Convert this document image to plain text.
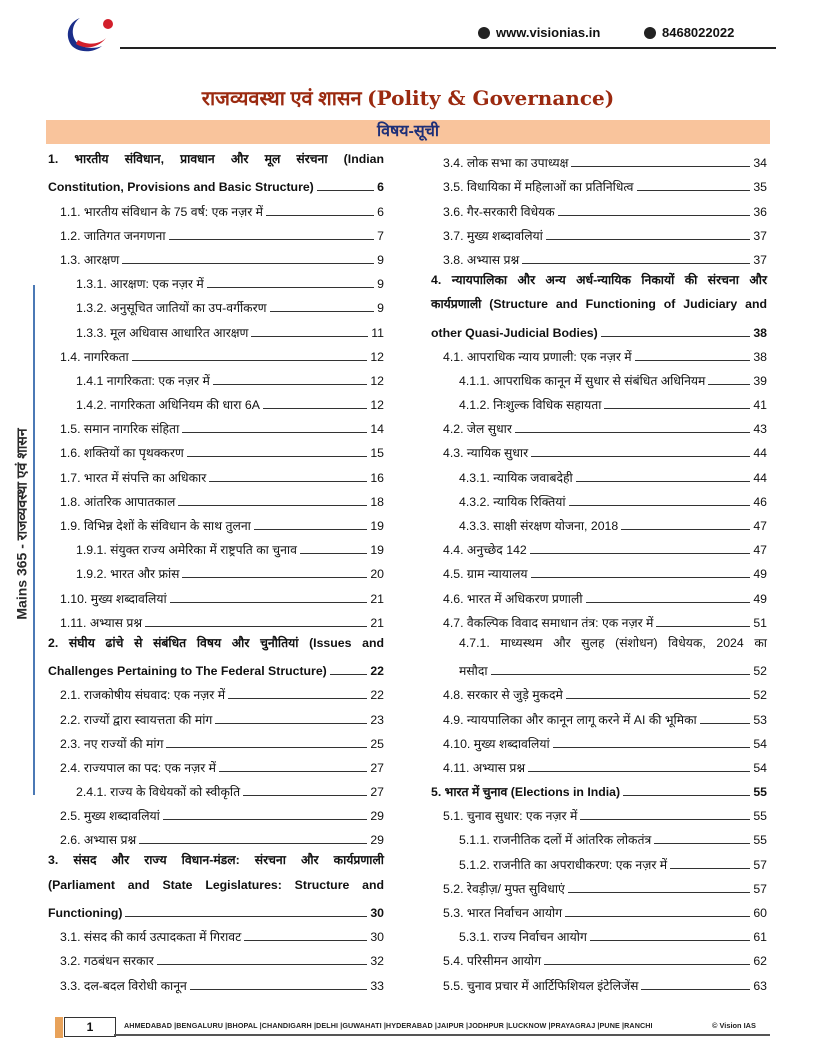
www.visionias.in	8468022022
राजव्यवस्था एवं शासन (Polity & Governance)
विषय-सूची
Mains 365 - राजव्यवस्था एवं शासन
1. भारतीय संविधान, प्रावधान और मूल संरचना (Indian
Constitution, Provisions and Basic Structure)	6
1.1. भारतीय संविधान के 75 वर्ष: एक नज़र में	6
1.2. जातिगत जनगणना	7
1.3. आरक्षण	9
1.3.1. आरक्षण: एक नज़र में	9
1.3.2. अनुसूचित जातियों का उप-वर्गीकरण	9
1.3.3. मूल अधिवास आधारित आरक्षण	11
1.4. नागरिकता	12
1.4.1 नागरिकता: एक नज़र में	12
1.4.2. नागरिकता अधिनियम की धारा 6A	12
1.5. समान नागरिक संहिता	14
1.6. शक्तियों का पृथक्करण	15
1.7. भारत में संपत्ति का अधिकार	16
1.8. आंतरिक आपातकाल	18
1.9. विभिन्न देशों के संविधान के साथ तुलना	19
1.9.1. संयुक्त राज्य अमेरिका में राष्ट्रपति का चुनाव	19
1.9.2. भारत और फ्रांस	20
1.10. मुख्य शब्दावलियां	21
1.11. अभ्यास प्रश्न	21
2. संघीय ढांचे से संबंधित विषय और चुनौतियां (Issues and
Challenges Pertaining to The Federal Structure)	22
2.1. राजकोषीय संघवाद: एक नज़र में	22
2.2. राज्यों द्वारा स्वायत्तता की मांग	23
2.3. नए राज्यों की मांग	25
2.4. राज्यपाल का पद: एक नज़र में	27
2.4.1. राज्य के विधेयकों को स्वीकृति	27
2.5. मुख्य शब्दावलियां	29
2.6. अभ्यास प्रश्न	29
3. संसद और राज्य विधान-मंडल: संरचना और कार्यप्रणाली
(Parliament and State Legislatures: Structure and
Functioning)	30
3.1. संसद की कार्य उत्पादकता में गिरावट	30
3.2. गठबंधन सरकार	32
3.3. दल-बदल विरोधी कानून	33
3.4. लोक सभा का उपाध्यक्ष	34
3.5. विधायिका में महिलाओं का प्रतिनिधित्व	35
3.6. गैर-सरकारी विधेयक	36
3.7. मुख्य शब्दावलियां	37
3.8. अभ्यास प्रश्न	37
4. न्यायपालिका और अन्य अर्ध-न्यायिक निकायों की संरचना और
कार्यप्रणाली (Structure and Functioning of Judiciary and
other Quasi-Judicial Bodies)	38
4.1. आपराधिक न्याय प्रणाली: एक नज़र में	38
4.1.1. आपराधिक कानून में सुधार से संबंधित अधिनियम	39
4.1.2. निःशुल्क विधिक सहायता	41
4.2. जेल सुधार	43
4.3. न्यायिक सुधार	44
4.3.1. न्यायिक जवाबदेही	44
4.3.2. न्यायिक रिक्तियां	46
4.3.3. साक्षी संरक्षण योजना, 2018	47
4.4. अनुच्छेद 142	47
4.5. ग्राम न्यायालय	49
4.6. भारत में अधिकरण प्रणाली	49
4.7. वैकल्पिक विवाद समाधान तंत्र: एक नज़र में	51
4.7.1. माध्यस्थम और सुलह (संशोधन) विधेयक, 2024 का
मसौदा	52
4.8. सरकार से जुड़े मुकदमे	52
4.9. न्यायपालिका और कानून लागू करने में AI की भूमिका	53
4.10. मुख्य शब्दावलियां	54
4.11. अभ्यास प्रश्न	54
5. भारत में चुनाव (Elections in India)	55
5.1. चुनाव सुधार: एक नज़र में	55
5.1.1. राजनीतिक दलों में आंतरिक लोकतंत्र	55
5.1.2. राजनीति का अपराधीकरण: एक नज़र में	57
5.2. रेवड़ीज़/ मुफ्त सुविधाएं	57
5.3. भारत निर्वाचन आयोग	60
5.3.1. राज्य निर्वाचन आयोग	61
5.4. परिसीमन आयोग	62
5.5. चुनाव प्रचार में आर्टिफिशियल इंटेलिजेंस	63
1	AHMEDABAD |BENGALURU |BHOPAL |CHANDIGARH |DELHI |GUWAHATI |HYDERABAD |JAIPUR |JODHPUR |LUCKNOW |PRAYAGRAJ |PUNE |RANCHI	© Vision IAS
